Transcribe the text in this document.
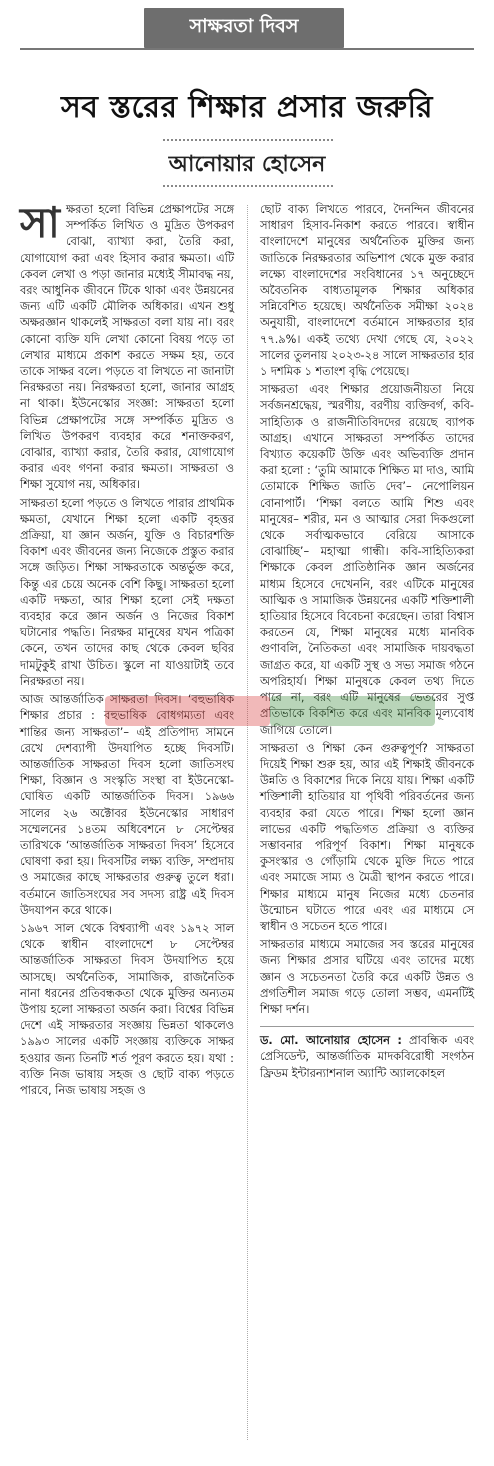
সাক্ষরতা দিবস
সব স্তরের শিক্ষার প্রসার জরুরি
আনোয়ার হোসেন

সাক্ষরতা হলো বিভিন্ন প্রেক্ষাপটের সঙ্গে সম্পর্কিত লিখিত ও মুদ্রিত উপকরণ বোঝা, ব্যাখ্যা করা, তৈরি করা, যোগাযোগ করা এবং হিসাব করার ক্ষমতা। এটি কেবল লেখা ও পড়া জানার মধ্যেই সীমাবদ্ধ নয়, বরং আধুনিক জীবনে টিকে থাকা এবং উন্নয়নের জন্য এটি একটি মৌলিক অধিকার। এখন শুধু অক্ষরজ্ঞান থাকলেই সাক্ষরতা বলা যায় না। বরং কোনো ব্যক্তি যদি লেখা কোনো বিষয় পড়ে তা লেখার মাধ্যমে প্রকাশ করতে সক্ষম হয়, তবে তাকে সাক্ষর বলে। পড়তে বা লিখতে না জানাটা নিরক্ষরতা নয়। নিরক্ষরতা হলো, জানার আগ্রহ না থাকা। ইউনেস্কোর সংজ্ঞা: সাক্ষরতা হলো বিভিন্ন প্রেক্ষাপটের সঙ্গে সম্পর্কিত মুদ্রিত ও লিখিত উপকরণ ব্যবহার করে শনাক্তকরণ, বোঝার, ব্যাখ্যা করার, তৈরি করার, যোগাযোগ করার এবং গণনা করার ক্ষমতা। সাক্ষরতা ও শিক্ষা সুযোগ নয়, অধিকার।

সাক্ষরতা হলো পড়তে ও লিখতে পারার প্রাথমিক ক্ষমতা, যেখানে শিক্ষা হলো একটি বৃহত্তর প্রক্রিয়া, যা জ্ঞান অর্জন, যুক্তি ও বিচারশক্তি বিকাশ এবং জীবনের জন্য নিজেকে প্রস্তুত করার সঙ্গে জড়িত। শিক্ষা সাক্ষরতাকে অন্তর্ভুক্ত করে, কিন্তু এর চেয়ে অনেক বেশি কিছু। সাক্ষরতা হলো একটি দক্ষতা, আর শিক্ষা হলো সেই দক্ষতা ব্যবহার করে জ্ঞান অর্জন ও নিজের বিকাশ ঘটানোর পদ্ধতি। নিরক্ষর মানুষের যখন পত্রিকা কেনে, তখন তাদের কাছ থেকে কেবল ছবির দামটুকুই রাখা উচিত। স্কুলে না যাওয়াটাই তবে নিরক্ষরতা নয়।

আজ আন্তর্জাতিক সাক্ষরতা দিবস। ‘বহুভাষিক শিক্ষার প্রচার : বহুভাষিক বোধগম্যতা এবং শান্তির জন্য সাক্ষরতা’– এই প্রতিপাদ্য সামনে রেখে দেশব্যাপী উদযাপিত হচ্ছে দিবসটি। আন্তর্জাতিক সাক্ষরতা দিবস হলো জাতিসংঘ শিক্ষা, বিজ্ঞান ও সংস্কৃতি সংস্থা বা ইউনেস্কো-ঘোষিত একটি আন্তর্জাতিক দিবস। ১৯৬৬ সালের ২৬ অক্টোবর ইউনেস্কোর সাধারণ সম্মেলনের ১৪তম অধিবেশনে ৮ সেপ্টেম্বর তারিখকে ‘আন্তর্জাতিক সাক্ষরতা দিবস’ হিসেবে ঘোষণা করা হয়। দিবসটির লক্ষ্য ব্যক্তি, সম্প্রদায় ও সমাজের কাছে সাক্ষরতার গুরুত্ব তুলে ধরা। বর্তমানে জাতিসংঘের সব সদস্য রাষ্ট্র এই দিবস উদযাপন করে থাকে।

১৯৬৭ সাল থেকে বিশ্বব্যাপী এবং ১৯৭২ সাল থেকে স্বাধীন বাংলাদেশে ৮ সেপ্টেম্বর আন্তর্জাতিক সাক্ষরতা দিবস উদযাপিত হয়ে আসছে। অর্থনৈতিক, সামাজিক, রাজনৈতিক নানা ধরনের প্রতিবন্ধকতা থেকে মুক্তির অন্যতম উপায় হলো সাক্ষরতা অর্জন করা। বিশ্বের বিভিন্ন দেশে এই সাক্ষরতার সংজ্ঞায় ভিন্নতা থাকলেও ১৯৯৩ সালের একটি সংজ্ঞায় ব্যক্তিকে সাক্ষর হওয়ার জন্য তিনটি শর্ত পূরণ করতে হয়। যথা : ব্যক্তি নিজ ভাষায় সহজ ও ছোট বাক্য পড়তে পারবে, নিজ ভাষায় সহজ ও

ছোট বাক্য লিখতে পারবে, দৈনন্দিন জীবনের সাধারণ হিসাব-নিকাশ করতে পারবে। স্বাধীন বাংলাদেশে মানুষের অর্থনৈতিক মুক্তির জন্য জাতিকে নিরক্ষরতার অভিশাপ থেকে মুক্ত করার লক্ষ্যে বাংলাদেশের সংবিধানের ১৭ অনুচ্ছেদে অবৈতনিক বাধ্যতামূলক শিক্ষার অধিকার সন্নিবেশিত হয়েছে। অর্থনৈতিক সমীক্ষা ২০২৪ অনুযায়ী, বাংলাদেশে বর্তমানে সাক্ষরতার হার ৭৭.৯%। একই তথ্যে দেখা গেছে যে, ২০২২ সালের তুলনায় ২০২৩-২৪ সালে সাক্ষরতার হার ১ দশমিক ১ শতাংশ বৃদ্ধি পেয়েছে।

সাক্ষরতা এবং শিক্ষার প্রয়োজনীয়তা নিয়ে সর্বজনশ্রদ্ধেয়, স্মরণীয়, বরণীয় ব্যক্তিবর্গ, কবি-সাহিত্যিক ও রাজনীতিবিদদের রয়েছে ব্যাপক আগ্রহ। এখানে সাক্ষরতা সম্পর্কিত তাদের বিখ্যাত কয়েকটি উক্তি এবং অভিব্যক্তি প্রদান করা হলো : ‘তুমি আমাকে শিক্ষিত মা দাও, আমি তোমাকে শিক্ষিত জাতি দেব’– নেপোলিয়ন বোনাপার্ট। ‘শিক্ষা বলতে আমি শিশু এবং মানুষের– শরীর, মন ও আত্মার সেরা দিকগুলো থেকে সর্বাত্মকভাবে বেরিয়ে আসাকে বোঝাচ্ছি’– মহাত্মা গান্ধী। কবি-সাহিত্যিকরা শিক্ষাকে কেবল প্রাতিষ্ঠানিক জ্ঞান অর্জনের মাধ্যম হিসেবে দেখেননি, বরং এটিকে মানুষের আত্মিক ও সামাজিক উন্নয়নের একটি শক্তিশালী হাতিয়ার হিসেবে বিবেচনা করেছেন। তারা বিশ্বাস করতেন যে, শিক্ষা মানুষের মধ্যে মানবিক গুণাবলি, নৈতিকতা এবং সামাজিক দায়বদ্ধতা জাগ্রত করে, যা একটি সুস্থ ও সভ্য সমাজ গঠনে অপরিহার্য। শিক্ষা মানুষকে কেবল তথ্য দিতে পারে না, বরং এটি মানুষের ভেতরের সুপ্ত প্রতিভাকে বিকশিত করে এবং মানবিক মূল্যবোধ জাগিয়ে তোলে।

সাক্ষরতা ও শিক্ষা কেন গুরুত্বপূর্ণ? সাক্ষরতা দিয়েই শিক্ষা শুরু হয়, আর এই শিক্ষাই জীবনকে উন্নতি ও বিকাশের দিকে নিয়ে যায়। শিক্ষা একটি শক্তিশালী হাতিয়ার যা পৃথিবী পরিবর্তনের জন্য ব্যবহার করা যেতে পারে। শিক্ষা হলো জ্ঞান লাভের একটি পদ্ধতিগত প্রক্রিয়া ও ব্যক্তির সম্ভাবনার পরিপূর্ণ বিকাশ। শিক্ষা মানুষকে কুসংস্কার ও গোঁড়ামি থেকে মুক্তি দিতে পারে এবং সমাজে সাম্য ও মৈত্রী স্থাপন করতে পারে। শিক্ষার মাধ্যমে মানুষ নিজের মধ্যে চেতনার উন্মোচন ঘটাতে পারে এবং এর মাধ্যমে সে স্বাধীন ও সচেতন হতে পারে।

সাক্ষরতার মাধ্যমে সমাজের সব স্তরের মানুষের জন্য শিক্ষার প্রসার ঘটিয়ে এবং তাদের মধ্যে জ্ঞান ও সচেতনতা তৈরি করে একটি উন্নত ও প্রগতিশীল সমাজ গড়ে তোলা সম্ভব, এমনটিই শিক্ষা দর্শন।

ড. মো. আনোয়ার হোসেন : প্রাবন্ধিক এবং প্রেসিডেন্ট, আন্তর্জাতিক মাদকবিরোধী সংগঠন ফ্রিডম ইন্টারন্যাশনাল অ্যান্টি অ্যালকোহল
